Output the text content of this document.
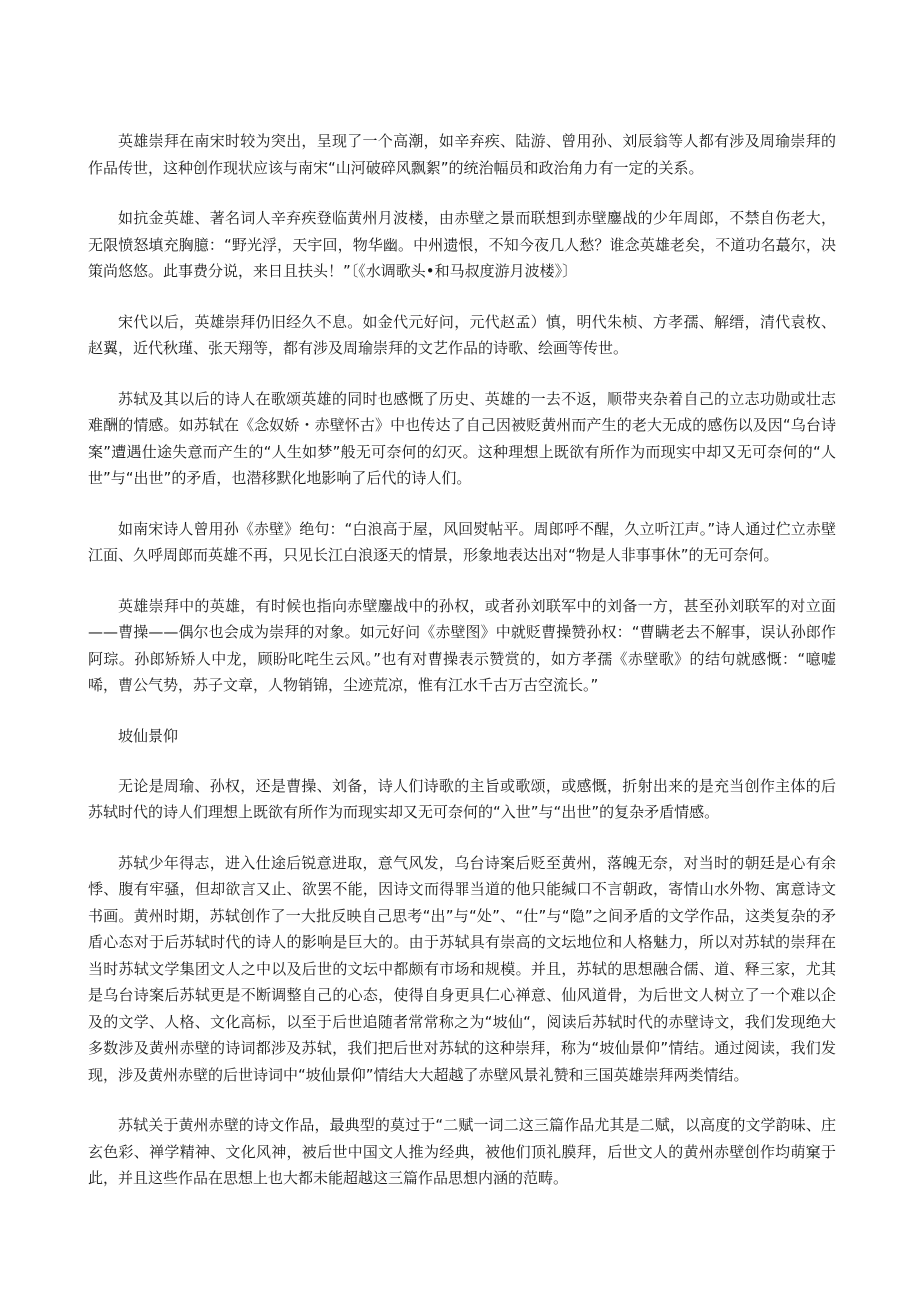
英雄崇拜在南宋时较为突出，呈现了一个高潮，如辛弃疾、陆游、曾用孙、刘辰翁等人都有涉及周瑜崇拜的作品传世，这种创作现状应该与南宋“山河破碎风飘絮”的统治幅员和政治角力有一定的关系。

如抗金英雄、著名词人辛弃疾登临黄州月波楼，由赤壁之景而联想到赤壁鏖战的少年周郎，不禁自伤老大，无限愤怒填充胸臆：“野光浮，天宇回，物华幽。中州遗恨，不知今夜几人愁？谁念英雄老矣，不道功名蕞尔，决策尚悠悠。此事费分说，来日且扶头！”〔《水调歌头•和马叔度游月波楼》〕

宋代以后，英雄崇拜仍旧经久不息。如金代元好问，元代赵孟）慎，明代朱桢、方孝孺、解缙，清代袁枚、赵翼，近代秋瑾、张天翔等，都有涉及周瑜崇拜的文艺作品的诗歌、绘画等传世。

苏轼及其以后的诗人在歌颂英雄的同时也感慨了历史、英雄的一去不返，顺带夹杂着自己的立志功勋或壮志难酬的情感。如苏轼在《念奴娇・赤壁怀古》中也传达了自己因被贬黄州而产生的老大无成的感伤以及因“乌台诗案”遭遇仕途失意而产生的“人生如梦”般无可奈何的幻灭。这种理想上既欲有所作为而现实中却又无可奈何的“人世”与“出世”的矛盾，也潜移默化地影响了后代的诗人们。

如南宋诗人曾用孙《赤壁》绝句：“白浪高于屋，风回熨帖平。周郎呼不醒，久立听江声。”诗人通过伫立赤壁江面、久呼周郎而英雄不再，只见长江白浪逐天的情景，形象地表达出对“物是人非事事休”的无可奈何。

英雄崇拜中的英雄，有时候也指向赤壁鏖战中的孙权，或者孙刘联军中的刘备一方，甚至孙刘联军的对立面——曹操——偶尔也会成为崇拜的对象。如元好问《赤壁图》中就贬曹操赞孙权：“曹瞒老去不解事，误认孙郎作阿琮。孙郎矫矫人中龙，顾盼叱咤生云风。”也有对曹操表示赞赏的，如方孝孺《赤壁歌》的结句就感慨：“噫嘘唏，曹公气势，苏子文章，人物销锦，尘迹荒凉，惟有江水千古万古空流长。”

坡仙景仰

无论是周瑜、孙权，还是曹操、刘备，诗人们诗歌的主旨或歌颂，或感慨，折射出来的是充当创作主体的后苏轼时代的诗人们理想上既欲有所作为而现实却又无可奈何的“入世”与“出世”的复杂矛盾情感。

苏轼少年得志，进入仕途后锐意进取，意气风发，乌台诗案后贬至黄州，落魄无奈，对当时的朝廷是心有余悸、腹有牢骚，但却欲言又止、欲罢不能，因诗文而得罪当道的他只能缄口不言朝政，寄情山水外物、寓意诗文书画。黄州时期，苏轼创作了一大批反映自己思考“出”与“处”、“仕”与“隐”之间矛盾的文学作品，这类复杂的矛盾心态对于后苏轼时代的诗人的影响是巨大的。由于苏轼具有崇高的文坛地位和人格魅力，所以对苏轼的崇拜在当时苏轼文学集团文人之中以及后世的文坛中都颇有市场和规模。并且，苏轼的思想融合儒、道、释三家，尤其是乌台诗案后苏轼更是不断调整自己的心态，使得自身更具仁心禅意、仙风道骨，为后世文人树立了一个难以企及的文学、人格、文化高标，以至于后世追随者常常称之为“坡仙“，阅读后苏轼时代的赤壁诗文，我们发现绝大多数涉及黄州赤壁的诗词都涉及苏轼，我们把后世对苏轼的这种崇拜，称为“坡仙景仰”情结。通过阅读，我们发现，涉及黄州赤壁的后世诗词中“坡仙景仰”情结大大超越了赤壁风景礼赞和三国英雄崇拜两类情结。

苏轼关于黄州赤壁的诗文作品，最典型的莫过于“二赋一词二这三篇作品尤其是二赋，以高度的文学韵味、庄玄色彩、禅学精神、文化风神，被后世中国文人推为经典，被他们顶礼膜拜，后世文人的黄州赤壁创作均萌窠于此，并且这些作品在思想上也大都未能超越这三篇作品思想内涵的范畴。
